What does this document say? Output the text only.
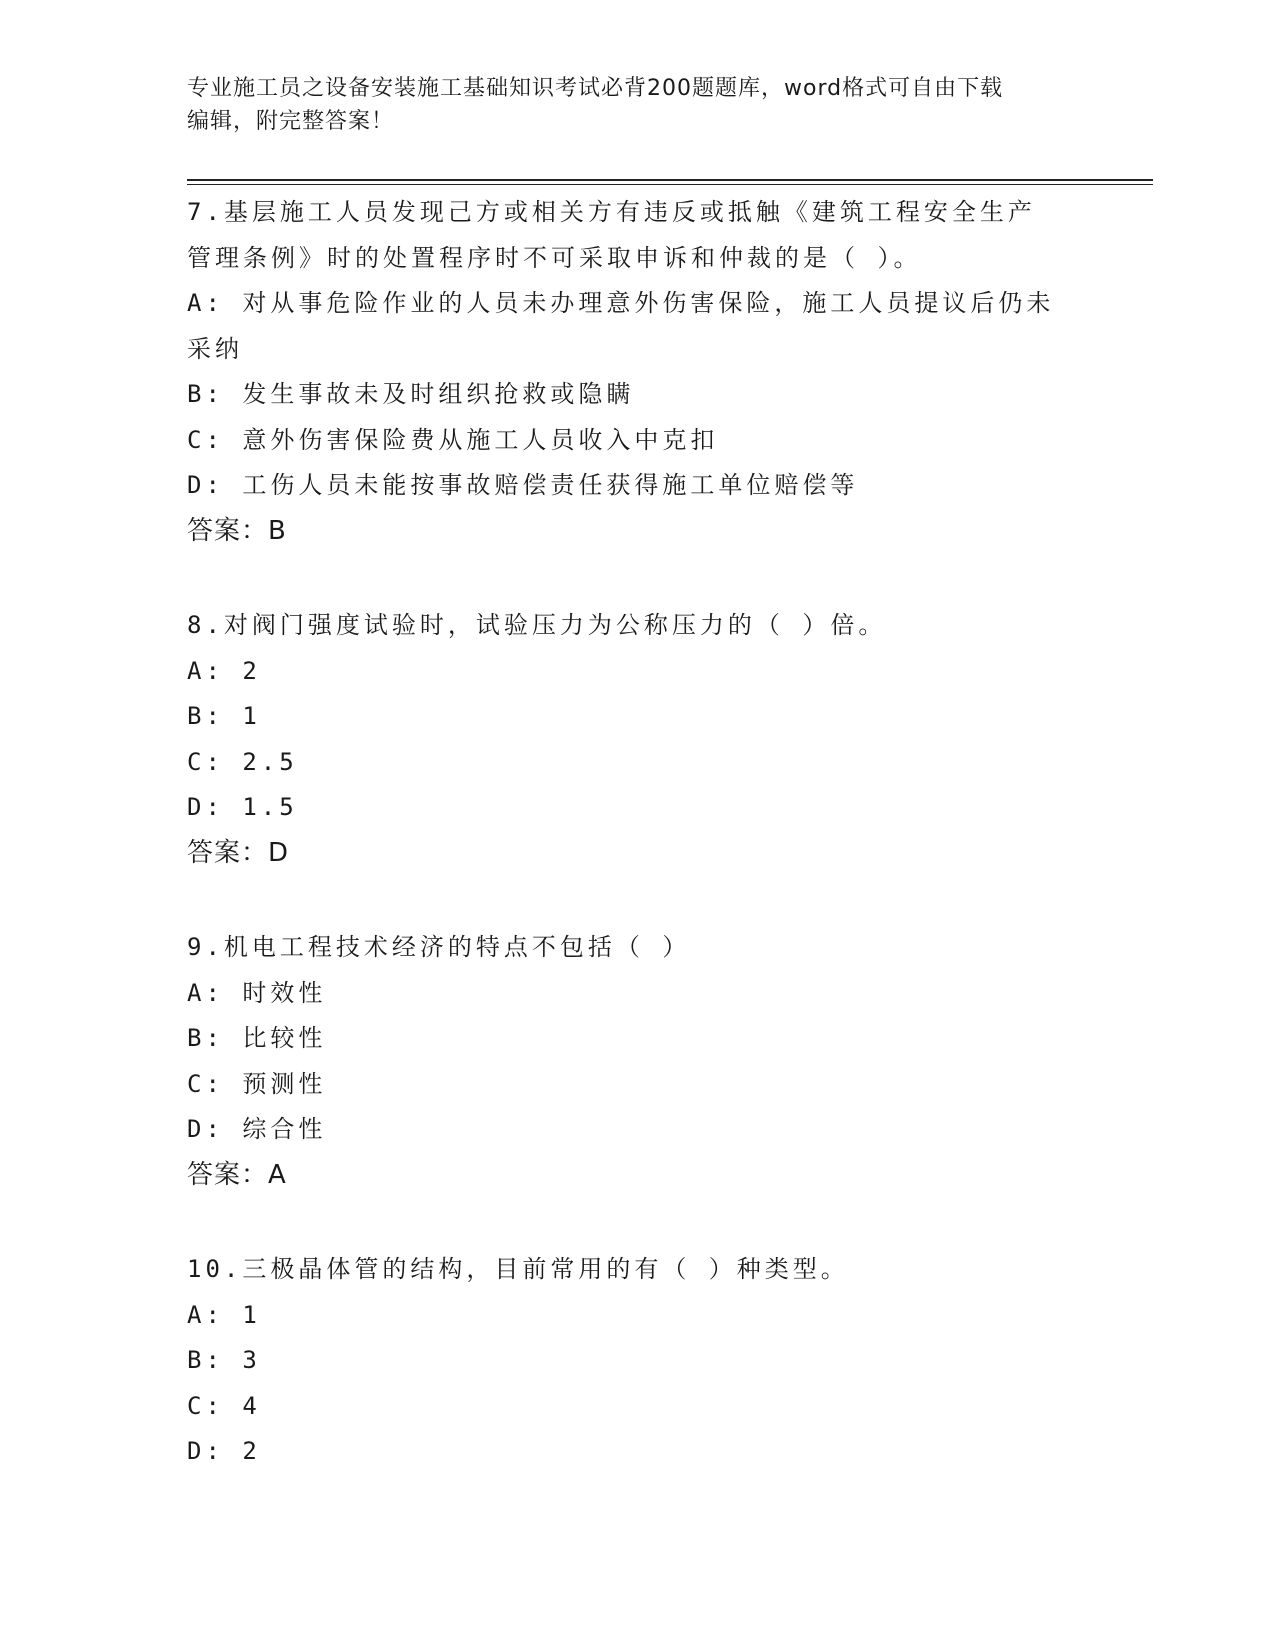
专业施工员之设备安装施工基础知识考试必背200题题库，word格式可自由下载
编辑，附完整答案！
7.基层施工人员发现己方或相关方有违反或抵触《建筑工程安全生产
管理条例》时的处置程序时不可采取申诉和仲裁的是（ ）。
A: 对从事危险作业的人员未办理意外伤害保险，施工人员提议后仍未
采纳
B: 发生事故未及时组织抢救或隐瞒
C: 意外伤害保险费从施工人员收入中克扣
D: 工伤人员未能按事故赔偿责任获得施工单位赔偿等
答案：B
8.对阀门强度试验时，试验压力为公称压力的（ ）倍。
A: 2
B: 1
C: 2.5
D: 1.5
答案：D
9.机电工程技术经济的特点不包括（ ）
A: 时效性
B: 比较性
C: 预测性
D: 综合性
答案：A
10.三极晶体管的结构，目前常用的有（ ）种类型。
A: 1
B: 3
C: 4
D: 2
